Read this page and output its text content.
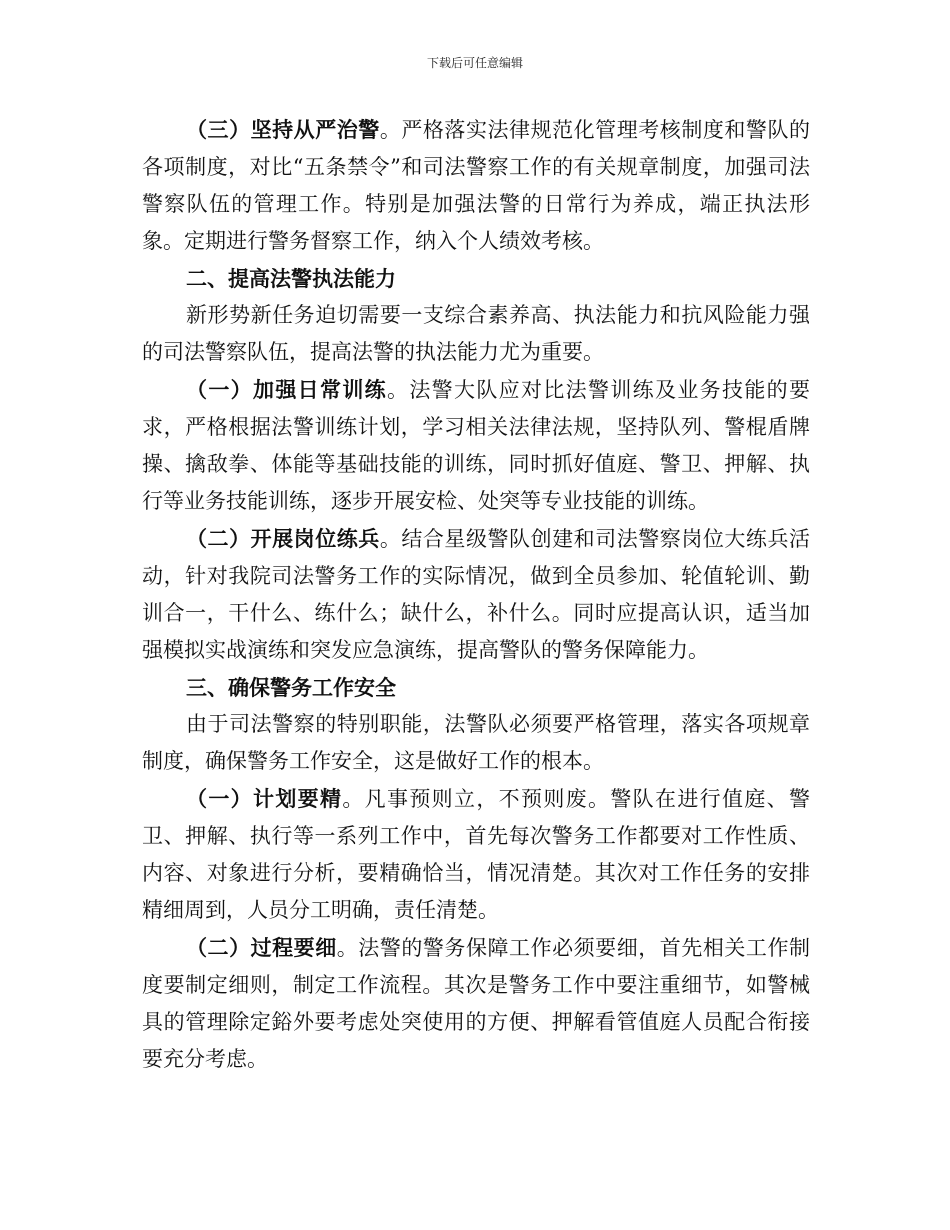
下载后可任意编辑

（三）坚持从严治警。严格落实法律规范化管理考核制度和警队的各项制度，对比“五条禁令”和司法警察工作的有关规章制度，加强司法警察队伍的管理工作。特别是加强法警的日常行为养成，端正执法形象。定期进行警务督察工作，纳入个人绩效考核。

二、提高法警执法能力

新形势新任务迫切需要一支综合素养高、执法能力和抗风险能力强的司法警察队伍，提高法警的执法能力尤为重要。

（一）加强日常训练。法警大队应对比法警训练及业务技能的要求，严格根据法警训练计划，学习相关法律法规，坚持队列、警棍盾牌操、擒敌拳、体能等基础技能的训练，同时抓好值庭、警卫、押解、执行等业务技能训练，逐步开展安检、处突等专业技能的训练。

（二）开展岗位练兵。结合星级警队创建和司法警察岗位大练兵活动，针对我院司法警务工作的实际情况，做到全员参加、轮值轮训、勤训合一，干什么、练什么；缺什么，补什么。同时应提高认识，适当加强模拟实战演练和突发应急演练，提高警队的警务保障能力。

三、确保警务工作安全

由于司法警察的特别职能，法警队必须要严格管理，落实各项规章制度，确保警务工作安全，这是做好工作的根本。

（一）计划要精。凡事预则立，不预则废。警队在进行值庭、警卫、押解、执行等一系列工作中，首先每次警务工作都要对工作性质、内容、对象进行分析，要精确恰当，情况清楚。其次对工作任务的安排精细周到，人员分工明确，责任清楚。

（二）过程要细。法警的警务保障工作必须要细，首先相关工作制度要制定细则，制定工作流程。其次是警务工作中要注重细节，如警械具的管理除定鋊外要考虑处突使用的方便、押解看管值庭人员配合衔接要充分考虑。
